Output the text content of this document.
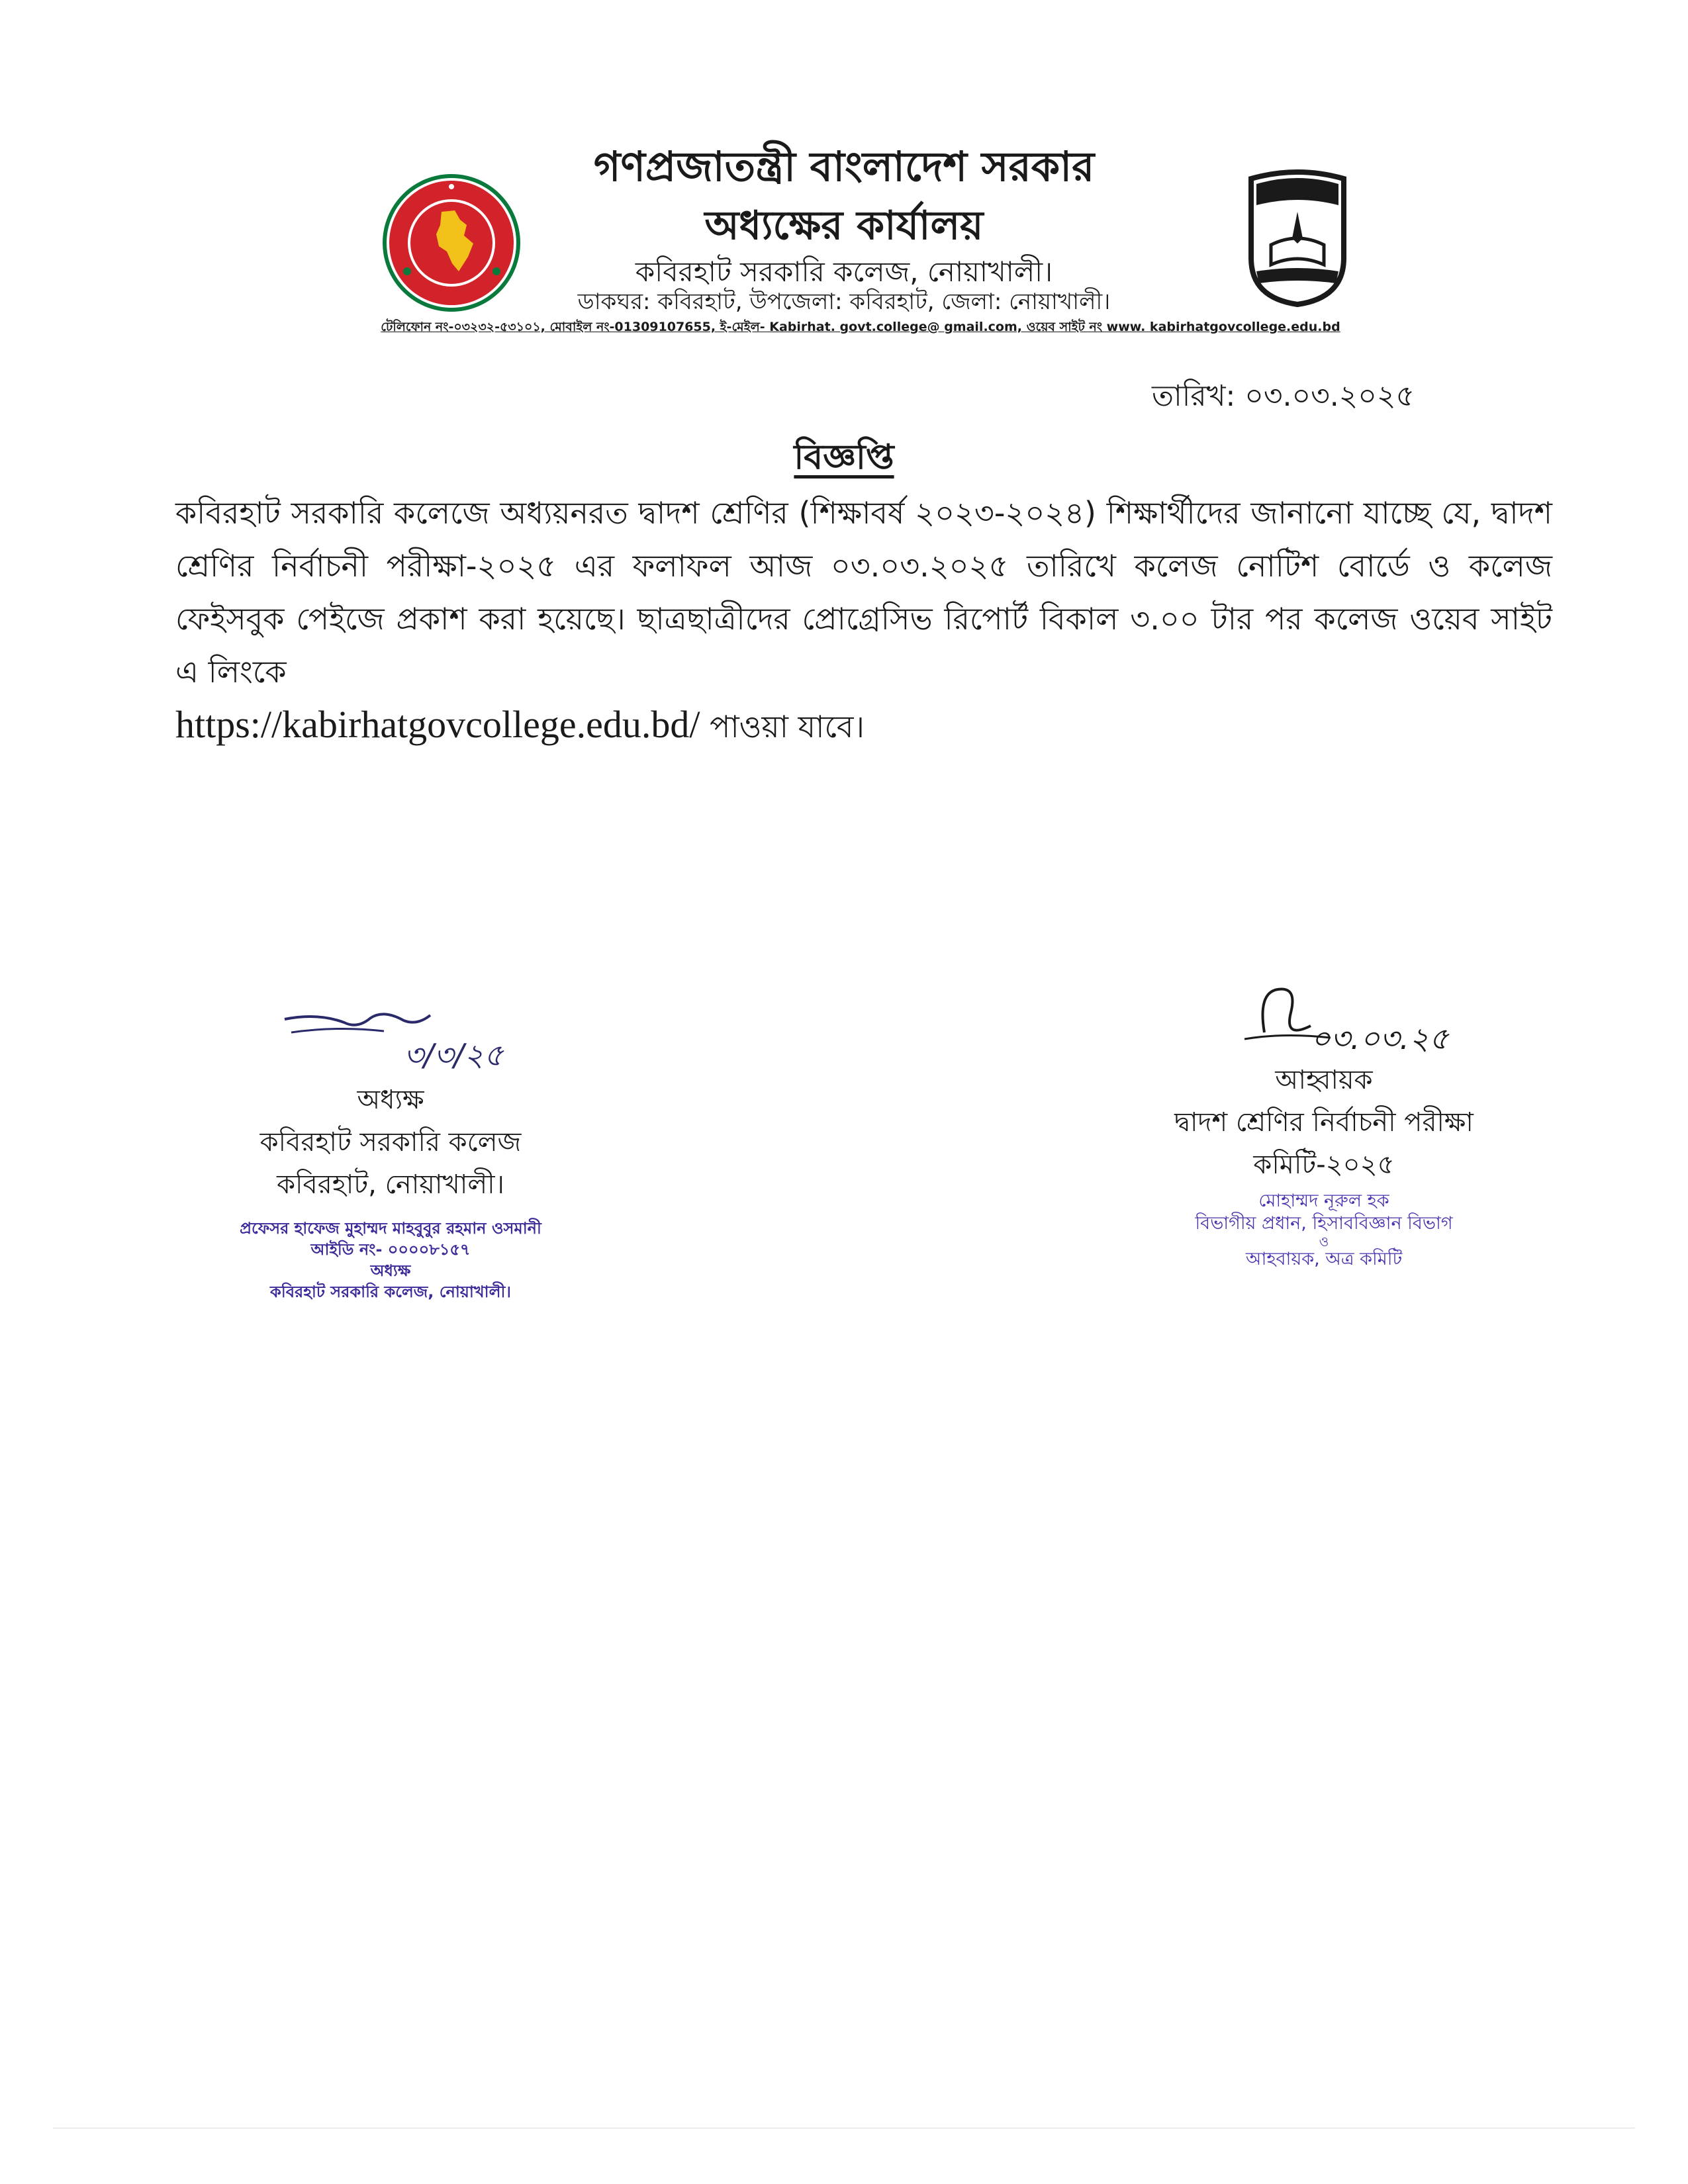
গণপ্রজাতন্ত্রী বাংলাদেশ সরকার
অধ্যক্ষের কার্যালয়
কবিরহাট সরকারি কলেজ, নোয়াখালী।
ডাকঘর: কবিরহাট, উপজেলা: কবিরহাট, জেলা: নোয়াখালী।
টেলিফোন নং-০৩২৩২-৫৩১০১, মোবাইল নং-01309107655, ই-মেইল- Kabirhat. govt.college@ gmail.com, ওয়েব সাইট নং www. kabirhatgovcollege.edu.bd
তারিখ: ০৩.০৩.২০২৫
বিজ্ঞপ্তি
কবিরহাট সরকারি কলেজে অধ্যয়নরত দ্বাদশ শ্রেণির (শিক্ষাবর্ষ ২০২৩-২০২৪) শিক্ষার্থীদের জানানো যাচ্ছে যে, দ্বাদশ শ্রেণির নির্বাচনী পরীক্ষা-২০২৫ এর ফলাফল আজ ০৩.০৩.২০২৫ তারিখে কলেজ নোটিশ বোর্ডে ও কলেজ ফেইসবুক পেইজে প্রকাশ করা হয়েছে। ছাত্রছাত্রীদের প্রোগ্রেসিভ রিপোর্ট বিকাল ৩.০০ টার পর কলেজ ওয়েব সাইট এ লিংকে
https://kabirhatgovcollege.edu.bd/ পাওয়া যাবে।
৩/৩/২৫
অধ্যক্ষ
কবিরহাট সরকারি কলেজ
কবিরহাট, নোয়াখালী।
প্রফেসর হাফেজ মুহাম্মদ মাহবুবুর রহমান ওসমানী
আইডি নং- ০০০০৮১৫৭
অধ্যক্ষ
কবিরহাট সরকারি কলেজ, নোয়াখালী।
০৩.০৩.২৫
আহ্বায়ক
দ্বাদশ শ্রেণির নির্বাচনী পরীক্ষা
কমিটি-২০২৫
মোহাম্মদ নূরুল হক
বিভাগীয় প্রধান, হিসাববিজ্ঞান বিভাগ
ও
আহবায়ক, অত্র কমিটি
